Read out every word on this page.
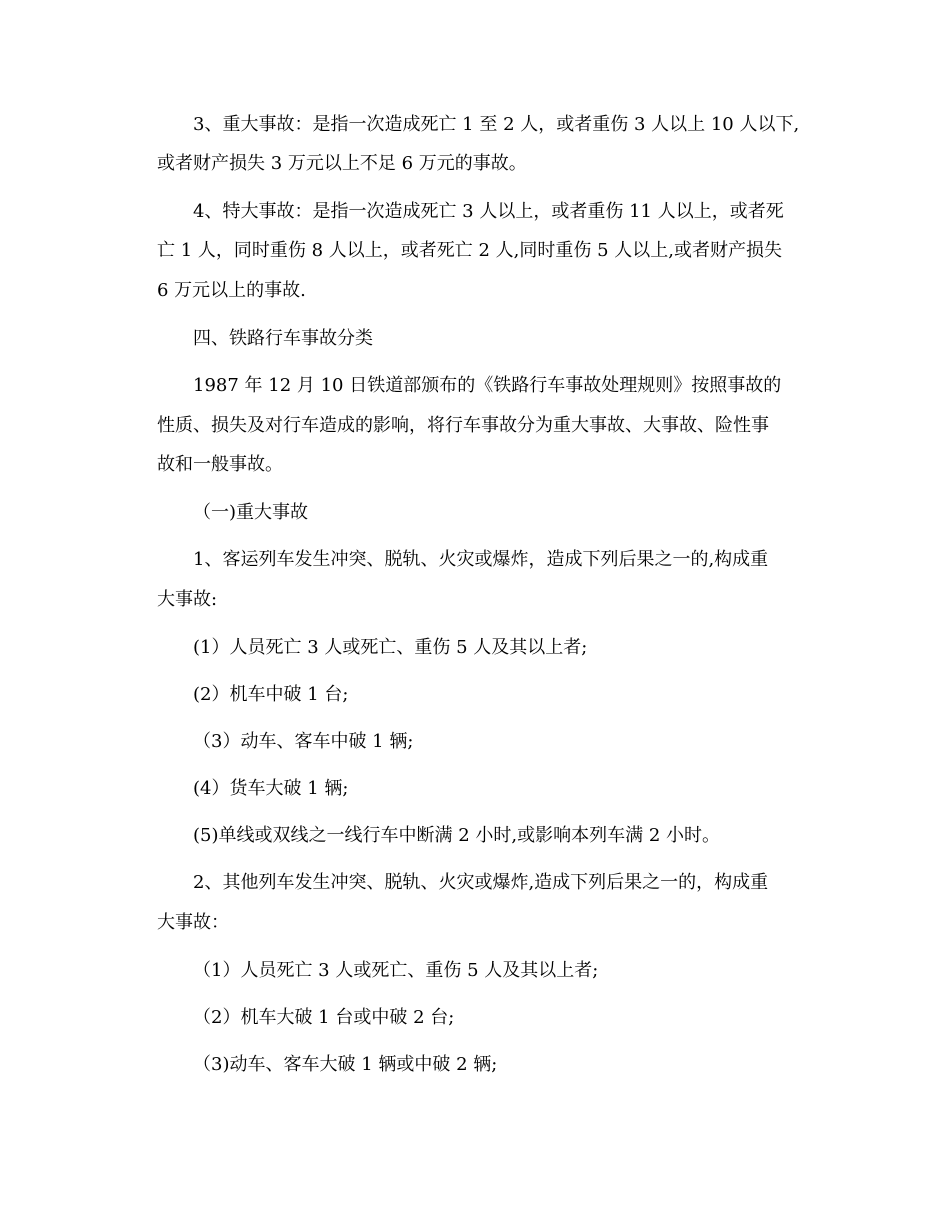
3、重大事故：是指一次造成死亡 1 至 2 人，或者重伤 3 人以上 10 人以下,
或者财产损失 3 万元以上不足 6 万元的事故。
4、特大事故：是指一次造成死亡 3 人以上，或者重伤 11 人以上，或者死
亡 1 人，同时重伤 8 人以上，或者死亡 2 人,同时重伤 5 人以上,或者财产损失
6 万元以上的事故.
四、铁路行车事故分类
1987 年 12 月 10 日铁道部颁布的《铁路行车事故处理规则》按照事故的
性质、损失及对行车造成的影响，将行车事故分为重大事故、大事故、险性事
故和一般事故。
（一)重大事故
1、客运列车发生冲突、脱轨、火灾或爆炸，造成下列后果之一的,构成重
大事故:
(1）人员死亡 3 人或死亡、重伤 5 人及其以上者;
(2）机车中破 1 台;
（3）动车、客车中破 1 辆;
(4）货车大破 1 辆;
(5)单线或双线之一线行车中断满 2 小时,或影响本列车满 2 小时。
2、其他列车发生冲突、脱轨、火灾或爆炸,造成下列后果之一的，构成重
大事故：
（1）人员死亡 3 人或死亡、重伤 5 人及其以上者;
（2）机车大破 1 台或中破 2 台;
（3)动车、客车大破 1 辆或中破 2 辆;
